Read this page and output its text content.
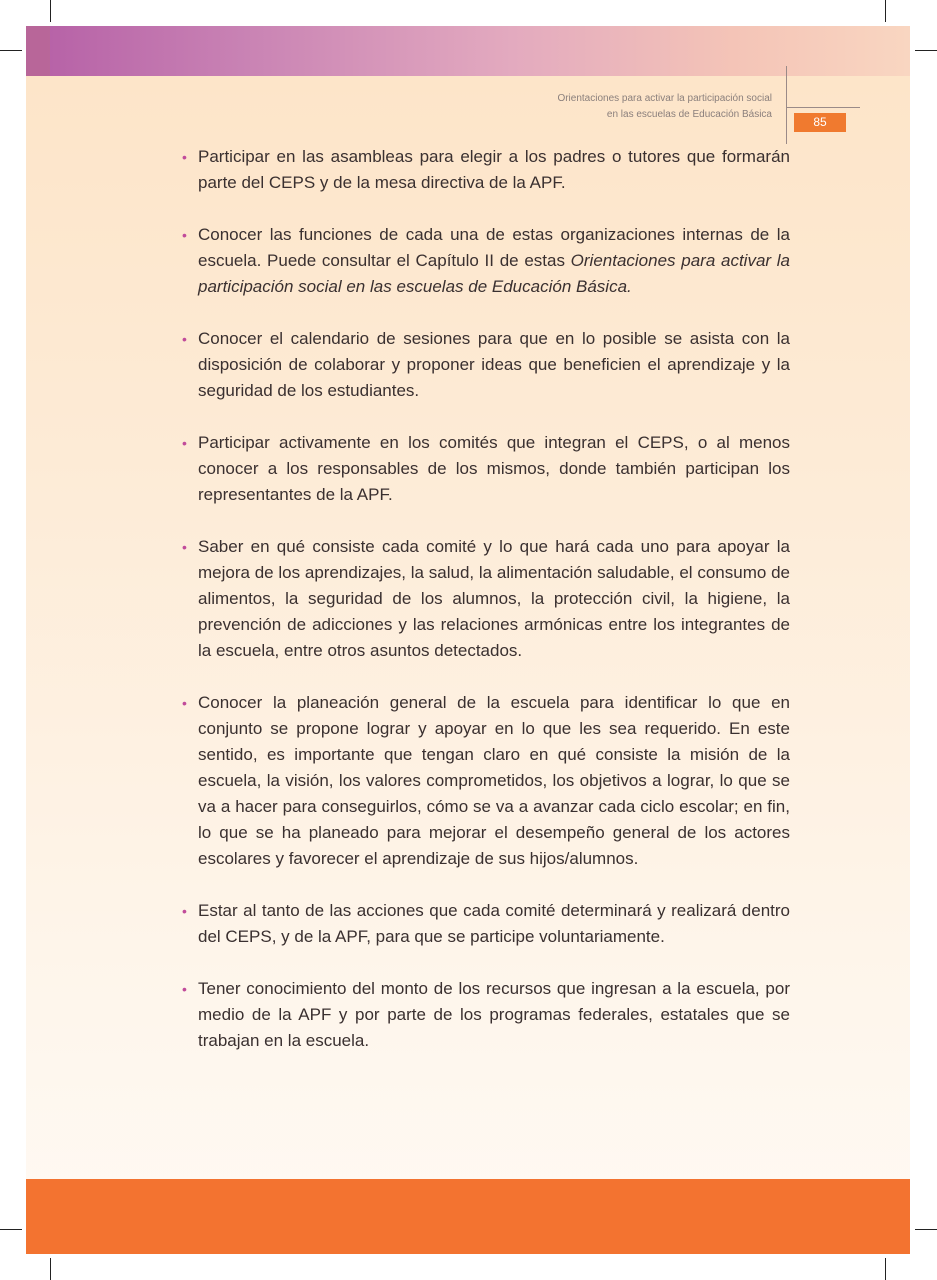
Orientaciones para activar la participación social
en las escuelas de Educación Básica
85
• Participar en las asambleas para elegir a los padres o tutores que formarán parte del CEPS y de la mesa directiva de la APF.
• Conocer las funciones de cada una de estas organizaciones internas de la escuela. Puede consultar el Capítulo II de estas Orientaciones para activar la participación social en las escuelas de Educación Básica.
• Conocer el calendario de sesiones para que en lo posible se asista con la disposición de colaborar y proponer ideas que beneficien el aprendizaje y la seguridad de los estudiantes.
• Participar activamente en los comités que integran el CEPS, o al menos conocer a los responsables de los mismos, donde también participan los representantes de la APF.
• Saber en qué consiste cada comité y lo que hará cada uno para apoyar la mejora de los aprendizajes, la salud, la alimentación saludable, el consumo de alimentos, la seguridad de los alumnos, la protección civil, la higiene, la prevención de adicciones y las relaciones armónicas entre los integrantes de la escuela, entre otros asuntos detectados.
• Conocer la planeación general de la escuela para identificar lo que en conjunto se propone lograr y apoyar en lo que les sea requerido. En este sentido, es importante que tengan claro en qué consiste la misión de la escuela, la visión, los valores comprometidos, los objetivos a lograr, lo que se va a hacer para conseguirlos, cómo se va a avanzar cada ciclo escolar; en fin, lo que se ha planeado para mejorar el desempeño general de los actores escolares y favorecer el aprendizaje de sus hijos/alumnos.
• Estar al tanto de las acciones que cada comité determinará y realizará dentro del CEPS, y de la APF, para que se participe voluntariamente.
• Tener conocimiento del monto de los recursos que ingresan a la escuela, por medio de la APF y por parte de los programas federales, estatales que se trabajan en la escuela.
